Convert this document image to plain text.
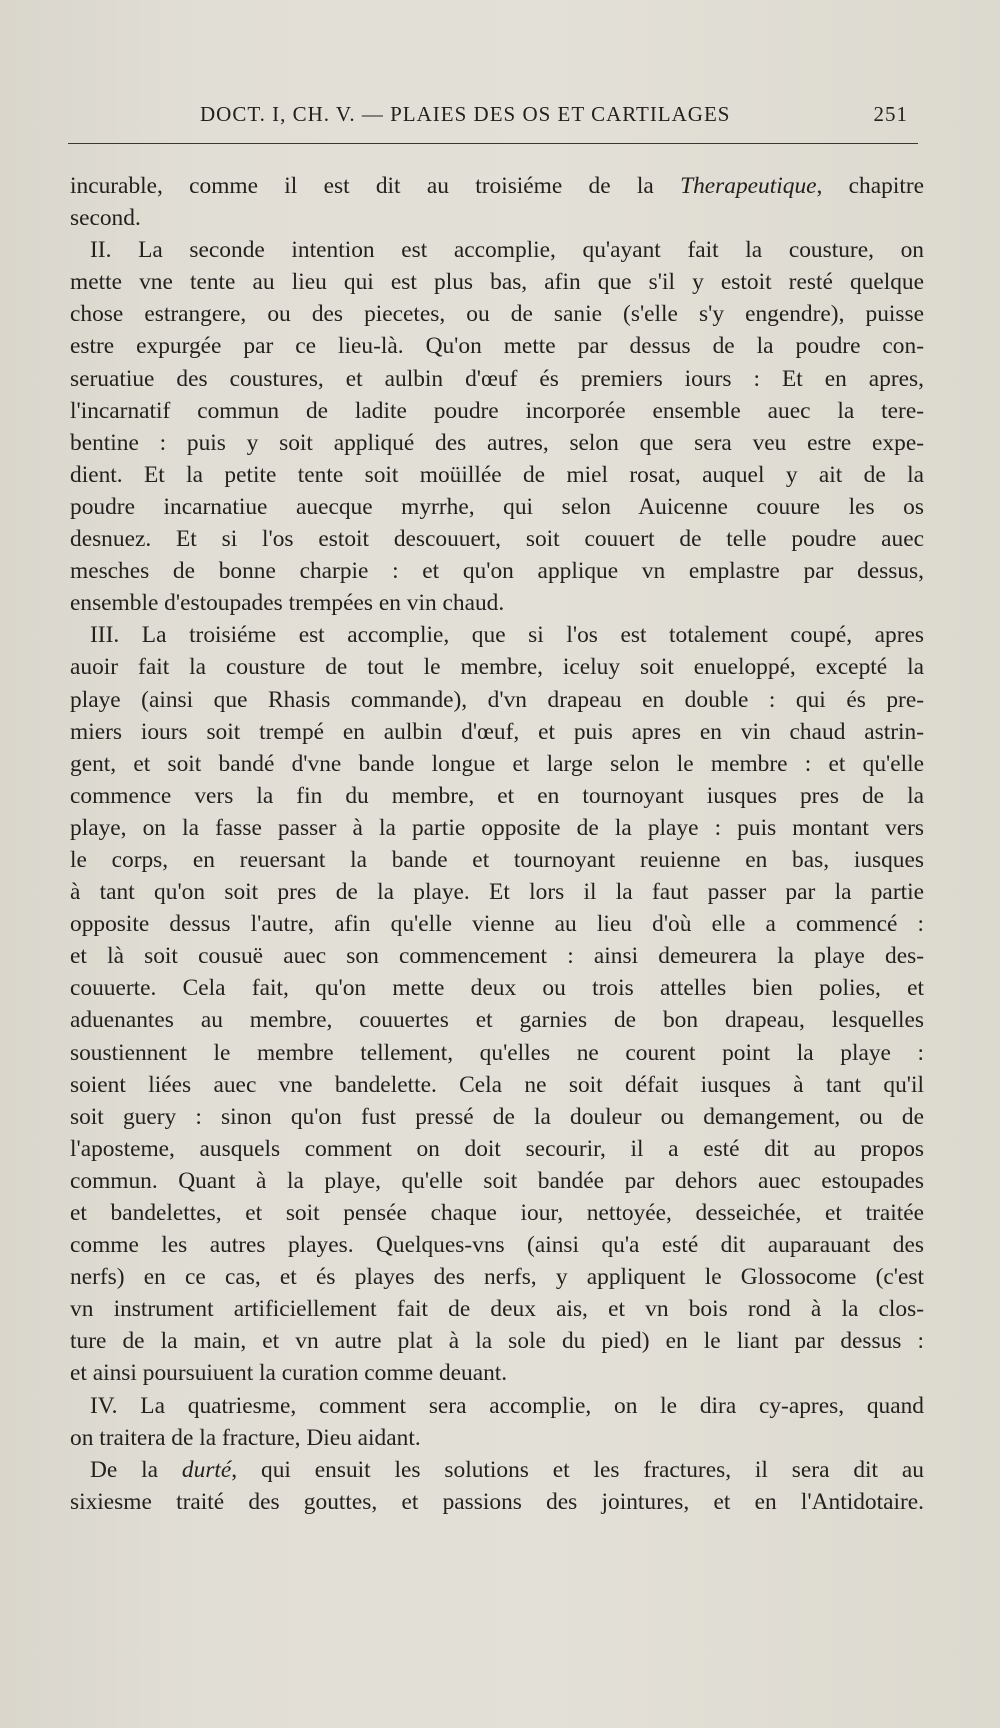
DOCT. I, CH. V. — PLAIES DES OS ET CARTILAGES	251
incurable, comme il est dit au troisiéme de la Therapeutique, chapitre
second.
II. La seconde intention est accomplie, qu'ayant fait la cousture, on
mette vne tente au lieu qui est plus bas, afin que s'il y estoit resté quelque
chose estrangere, ou des piecetes, ou de sanie (s'elle s'y engendre), puisse
estre expurgée par ce lieu-là. Qu'on mette par dessus de la poudre con-
seruatiue des coustures, et aulbin d'œuf és premiers iours : Et en apres,
l'incarnatif commun de ladite poudre incorporée ensemble auec la tere-
bentine : puis y soit appliqué des autres, selon que sera veu estre expe-
dient. Et la petite tente soit moüillée de miel rosat, auquel y ait de la
poudre incarnatiue auecque myrrhe, qui selon Auicenne couure les os
desnuez. Et si l'os estoit descouuert, soit couuert de telle poudre auec
mesches de bonne charpie : et qu'on applique vn emplastre par dessus,
ensemble d'estoupades trempées en vin chaud.
III. La troisiéme est accomplie, que si l'os est totalement coupé, apres
auoir fait la cousture de tout le membre, iceluy soit enueloppé, excepté la
playe (ainsi que Rhasis commande), d'vn drapeau en double : qui és pre-
miers iours soit trempé en aulbin d'œuf, et puis apres en vin chaud astrin-
gent, et soit bandé d'vne bande longue et large selon le membre : et qu'elle
commence vers la fin du membre, et en tournoyant iusques pres de la
playe, on la fasse passer à la partie opposite de la playe : puis montant vers
le corps, en reuersant la bande et tournoyant reuienne en bas, iusques
à tant qu'on soit pres de la playe. Et lors il la faut passer par la partie
opposite dessus l'autre, afin qu'elle vienne au lieu d'où elle a commencé :
et là soit cousuë auec son commencement : ainsi demeurera la playe des-
couuerte. Cela fait, qu'on mette deux ou trois attelles bien polies, et
aduenantes au membre, couuertes et garnies de bon drapeau, lesquelles
soustiennent le membre tellement, qu'elles ne courent point la playe :
soient liées auec vne bandelette. Cela ne soit défait iusques à tant qu'il
soit guery : sinon qu'on fust pressé de la douleur ou demangement, ou de
l'aposteme, ausquels comment on doit secourir, il a esté dit au propos
commun. Quant à la playe, qu'elle soit bandée par dehors auec estoupades
et bandelettes, et soit pensée chaque iour, nettoyée, desseichée, et traitée
comme les autres playes. Quelques-vns (ainsi qu'a esté dit auparauant des
nerfs) en ce cas, et és playes des nerfs, y appliquent le Glossocome (c'est
vn instrument artificiellement fait de deux ais, et vn bois rond à la clos-
ture de la main, et vn autre plat à la sole du pied) en le liant par dessus :
et ainsi poursuiuent la curation comme deuant.
IV. La quatriesme, comment sera accomplie, on le dira cy-apres, quand
on traitera de la fracture, Dieu aidant.
De la durté, qui ensuit les solutions et les fractures, il sera dit au
sixiesme traité des gouttes, et passions des jointures, et en l'Antidotaire.
